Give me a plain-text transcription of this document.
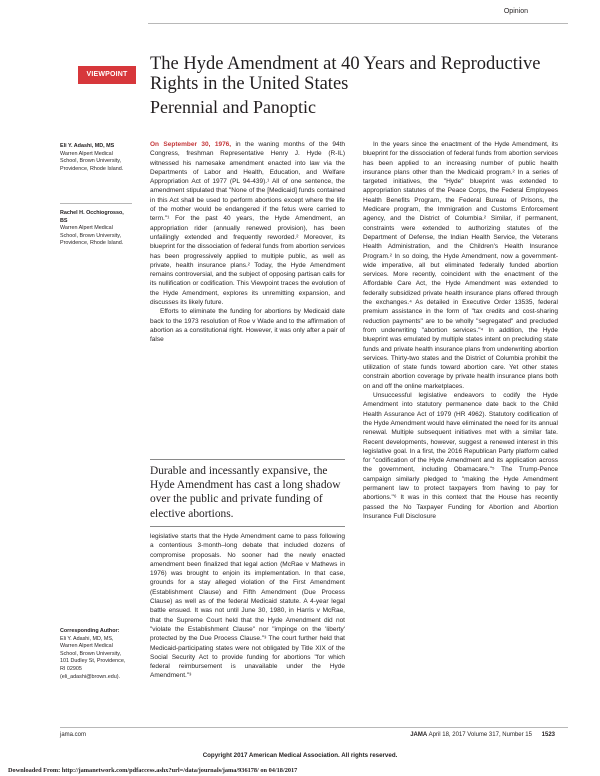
Opinion
VIEWPOINT
The Hyde Amendment at 40 Years and Reproductive Rights in the United States
Perennial and Panoptic
Eli Y. Adashi, MD, MS
Warren Alpert Medical School, Brown University, Providence, Rhode Island.
Rachel H. Occhiogrosso, BS
Warren Alpert Medical School, Brown University, Providence, Rhode Island.
Corresponding Author:
Eli Y. Adashi, MD, MS, Warren Alpert Medical School, Brown University, 101 Dudley St, Providence, RI 02905 (eli_adashi@brown.edu).

On September 30, 1976, in the waning months of the 94th Congress, freshman Representative Henry J. Hyde (R-IL) witnessed his namesake amendment enacted into law via the Departments of Labor and Health, Education, and Welfare Appropriation Act of 1977 (PL 94-439).¹ All of one sentence, the amendment stipulated that "None of the [Medicaid] funds contained in this Act shall be used to perform abortions except where the life of the mother would be endangered if the fetus were carried to term."¹ For the past 40 years, the Hyde Amendment, an appropriation rider (annually renewed provision), has been unfailingly extended and frequently reworded.² Moreover, its blueprint for the dissociation of federal funds from abortion services has been progressively applied to multiple public, as well as private, health insurance plans.² Today, the Hyde Amendment remains controversial, and the subject of opposing partisan calls for its nullification or codification. This Viewpoint traces the evolution of the Hyde Amendment, explores its unremitting expansion, and discusses its likely future.

Efforts to eliminate the funding for abortions by Medicaid date back to the 1973 resolution of Roe v Wade and to the affirmation of abortion as a constitutional right. However, it was only after a pair of false

Durable and incessantly expansive, the Hyde Amendment has cast a long shadow over the public and private funding of elective abortions.

legislative starts that the Hyde Amendment came to pass following a contentious 3-month–long debate that included dozens of compromise proposals. No sooner had the newly enacted amendment been finalized that legal action (McRae v Mathews in 1976) was brought to enjoin its implementation. In that case, grounds for a stay alleged violation of the First Amendment (Establishment Clause) and Fifth Amendment (Due Process Clause) as well as of the federal Medicaid statute. A 4-year legal battle ensued. It was not until June 30, 1980, in Harris v McRae, that the Supreme Court held that the Hyde Amendment did not "violate the Establishment Clause" nor "impinge on the 'liberty' protected by the Due Process Clause."³ The court further held that Medicaid-participating states were not obligated by Title XIX of the Social Security Act to provide funding for abortions "for which federal reimbursement is unavailable under the Hyde Amendment."³

In the years since the enactment of the Hyde Amendment, its blueprint for the dissociation of federal funds from abortion services has been applied to an increasing number of public health insurance plans other than the Medicaid program.² In a series of targeted initiatives, the "Hyde" blueprint was extended to appropriation statutes of the Peace Corps, the Federal Employees Health Benefits Program, the Federal Bureau of Prisons, the Medicare program, the Immigration and Customs Enforcement agency, and the District of Columbia.² Similar, if permanent, constraints were extended to authorizing statutes of the Department of Defense, the Indian Health Service, the Veterans Health Administration, and the Children's Health Insurance Program.² In so doing, the Hyde Amendment, now a government-wide imperative, all but eliminated federally funded abortion services. More recently, coincident with the enactment of the Affordable Care Act, the Hyde Amendment was extended to federally subsidized private health insurance plans offered through the exchanges.⁴ As detailed in Executive Order 13535, federal premium assistance in the form of "tax credits and cost-sharing reduction payments" are to be wholly "segregated" and precluded from underwriting "abortion services."⁴ In addition, the Hyde blueprint was emulated by multiple states intent on precluding state funds and private health insurance plans from underwriting abortion services. Thirty-two states and the District of Columbia prohibit the utilization of state funds toward abortion care. Yet other states constrain abortion coverage by private health insurance plans both on and off the online marketplaces.

Unsuccessful legislative endeavors to codify the Hyde Amendment into statutory permanence date back to the Child Health Assurance Act of 1979 (HR 4962). Statutory codification of the Hyde Amendment would have eliminated the need for its annual renewal. Multiple subsequent initiatives met with a similar fate. Recent developments, however, suggest a renewed interest in this legislative goal. In a first, the 2016 Republican Party platform called for "codification of the Hyde Amendment and its application across the government, including Obamacare."⁵ The Trump-Pence campaign similarly pledged to "making the Hyde Amendment permanent law to protect taxpayers from having to pay for abortions."⁶ It was in this context that the House has recently passed the No Taxpayer Funding for Abortion and Abortion Insurance Full Disclosure

jama.com	JAMA April 18, 2017 Volume 317, Number 15 1523
Copyright 2017 American Medical Association. All rights reserved.
Downloaded From: http://jamanetwork.com/pdfaccess.ashx?url=/data/journals/jama/936178/ on 04/18/2017
